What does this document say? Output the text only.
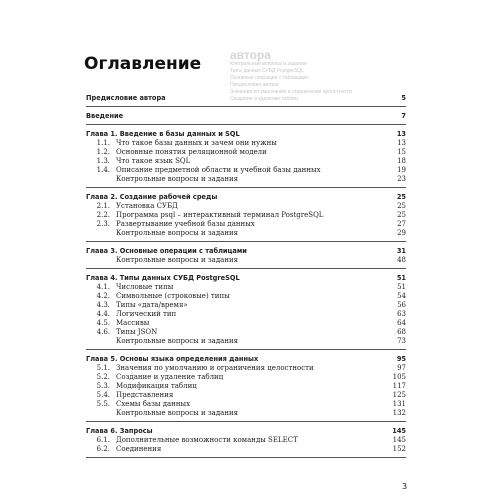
автора
Контрольные вопросы и задания
Типы данных СУБД PostgreSQL
Основные операции с таблицами
Предисловие автора
Значения по умолчанию и ограничения целостности
Создание и удаление таблиц
Оглавление
Предисловие автора	5
Введение	7
Глава 1. Введение в базы данных и SQL	13
1.1. Что такое базы данных и зачем они нужны	13
1.2. Основные понятия реляционной модели	15
1.3. Что такое язык SQL	18
1.4. Описание предметной области и учебной базы данных	19
Контрольные вопросы и задания	23
Глава 2. Создание рабочей среды	25
2.1. Установка СУБД	25
2.2. Программа psql – интерактивный терминал PostgreSQL	25
2.3. Развертывание учебной базы данных	27
Контрольные вопросы и задания	29
Глава 3. Основные операции с таблицами	31
Контрольные вопросы и задания	48
Глава 4. Типы данных СУБД PostgreSQL	51
4.1. Числовые типы	51
4.2. Символьные (строковые) типы	54
4.3. Типы «дата/время»	56
4.4. Логический тип	63
4.5. Массивы	64
4.6. Типы JSON	68
Контрольные вопросы и задания	73
Глава 5. Основы языка определения данных	95
5.1. Значения по умолчанию и ограничения целостности	97
5.2. Создание и удаление таблиц	105
5.3. Модификация таблиц	117
5.4. Представления	125
5.5. Схемы базы данных	131
Контрольные вопросы и задания	132
Глава 6. Запросы	145
6.1. Дополнительные возможности команды SELECT	145
6.2. Соединения	152
3
